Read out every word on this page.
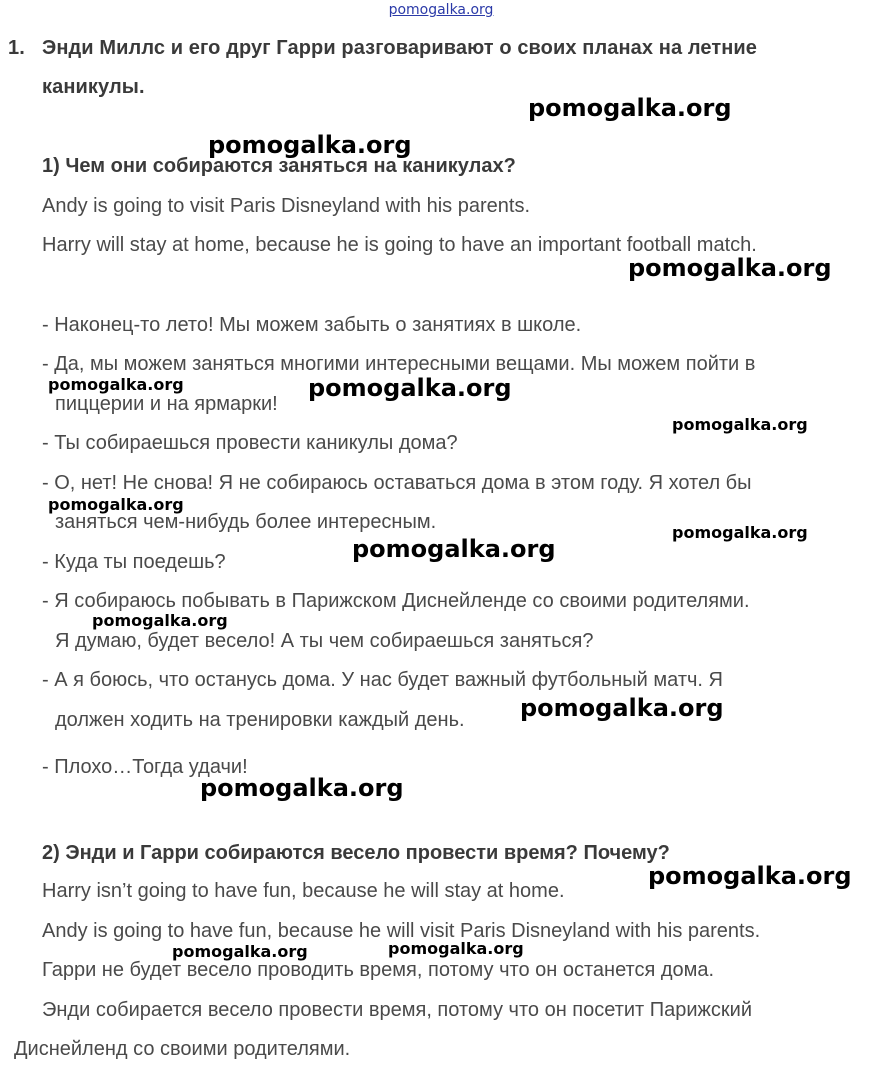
pomogalka.org
1. Энди Миллс и его друг Гарри разговаривают о своих планах на летние
каникулы.
1) Чем они собираются заняться на каникулах?
Andy is going to visit Paris Disneyland with his parents.
Harry will stay at home, because he is going to have an important football match.
- Наконец-то лето! Мы можем забыть о занятиях в школе.
- Да, мы можем заняться многими интересными вещами. Мы можем пойти в
пиццерии и на ярмарки!
- Ты собираешься провести каникулы дома?
- О, нет! Не снова! Я не собираюсь оставаться дома в этом году. Я хотел бы
заняться чем-нибудь более интересным.
- Куда ты поедешь?
- Я собираюсь побывать в Парижском Диснейленде со своими родителями.
Я думаю, будет весело! А ты чем собираешься заняться?
- А я боюсь, что останусь дома. У нас будет важный футбольный матч. Я
должен ходить на тренировки каждый день.
- Плохо…Тогда удачи!
2) Энди и Гарри собираются весело провести время? Почему?
Harry isn’t going to have fun, because he will stay at home.
Andy is going to have fun, because he will visit Paris Disneyland with his parents.
Гарри не будет весело проводить время, потому что он останется дома.
Энди собирается весело провести время, потому что он посетит Парижский
Диснейленд со своими родителями.
pomogalka.org
pomogalka.org
pomogalka.org
pomogalka.org	pomogalka.org
pomogalka.org
pomogalka.org
pomogalka.org
pomogalka.org
pomogalka.org
pomogalka.org
pomogalka.org
pomogalka.org
pomogalka.org	pomogalka.org
